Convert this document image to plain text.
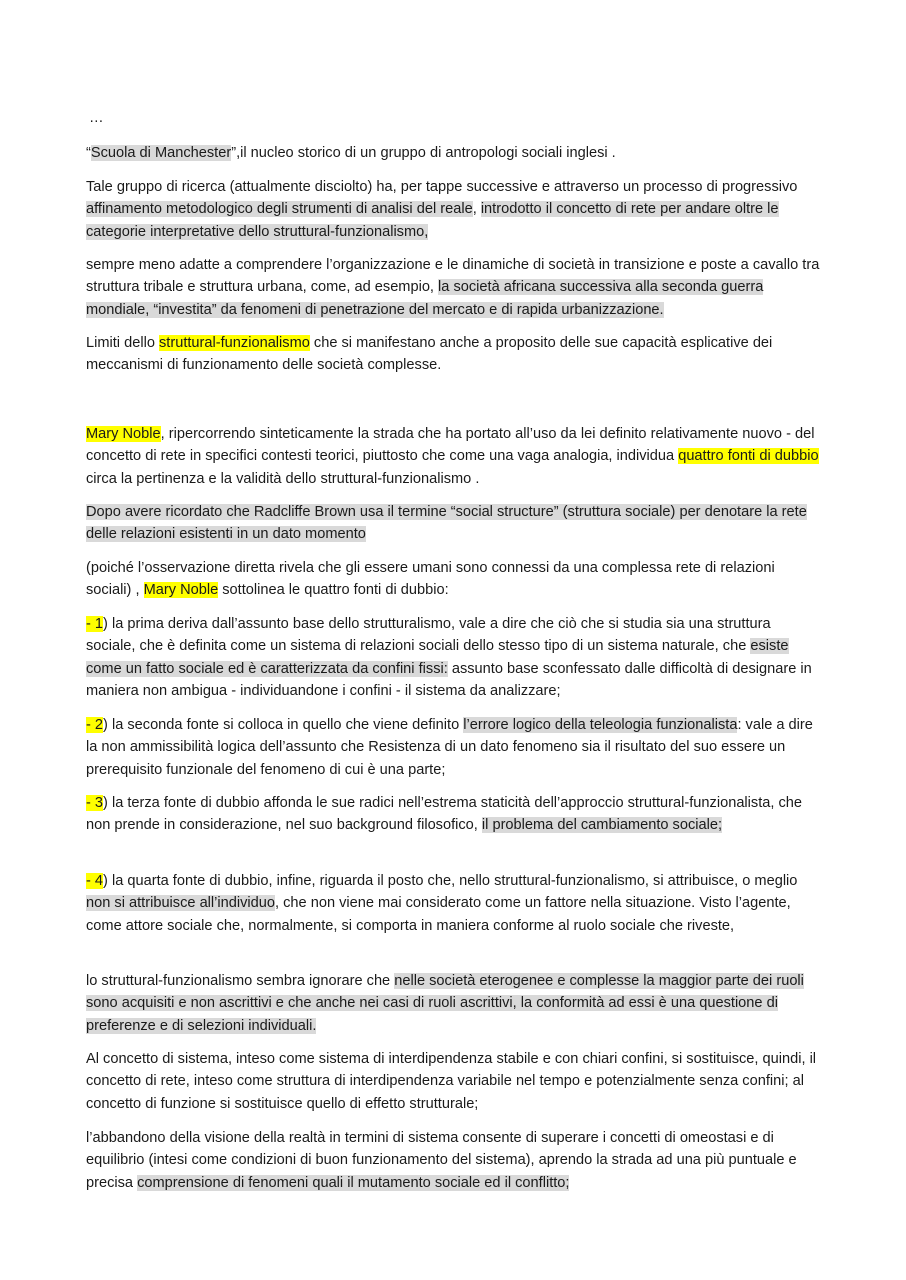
…

“Scuola di Manchester”,il nucleo storico di un gruppo di antropologi sociali inglesi .

Tale gruppo di ricerca (attualmente disciolto) ha, per tappe successive e attraverso un processo di progressivo affinamento metodologico degli strumenti di analisi del reale, introdotto il concetto di rete per andare oltre le categorie interpretative dello struttural-funzionalismo,

sempre meno adatte a comprendere l’organizzazione e le dinamiche di società in transizione e poste a cavallo tra struttura tribale e struttura urbana, come, ad esempio, la società africana successiva alla seconda guerra mondiale, “investita” da fenomeni di penetrazione del mercato e di rapida urbanizzazione.

Limiti dello struttural-funzionalismo che si manifestano anche a proposito delle sue capacità esplicative dei meccanismi di funzionamento delle società complesse.

Mary Noble, ripercorrendo sinteticamente la strada che ha portato all’uso da lei definito relativamente nuovo - del concetto di rete in specifici contesti teorici, piuttosto che come una vaga analogia, individua quattro fonti di dubbio circa la pertinenza e la validità dello struttural-funzionalismo .

Dopo avere ricordato che Radcliffe Brown usa il termine “social structure” (struttura sociale) per denotare la rete delle relazioni esistenti in un dato momento

(poiché l’osservazione diretta rivela che gli essere umani sono connessi da una complessa rete di relazioni sociali) , Mary Noble sottolinea le quattro fonti di dubbio:

- 1) la prima deriva dall’assunto base dello strutturalismo, vale a dire che ciò che si studia sia una struttura sociale, che è definita come un sistema di relazioni sociali dello stesso tipo di un sistema naturale, che esiste come un fatto sociale ed è caratterizzata da confini fissi: assunto base sconfessato dalle difficoltà di designare in maniera non ambigua - individuandone i confini - il sistema da analizzare;

- 2) la seconda fonte si colloca in quello che viene definito l’errore logico della teleologia funzionalista: vale a dire la non ammissibilità logica dell’assunto che Resistenza di un dato fenomeno sia il risultato del suo essere un prerequisito funzionale del fenomeno di cui è una parte;

- 3) la terza fonte di dubbio affonda le sue radici nell’estrema staticità dell’approccio struttural-funzionalista, che non prende in considerazione, nel suo background filosofico, il problema del cambiamento sociale;

- 4) la quarta fonte di dubbio, infine, riguarda il posto che, nello struttural-funzionalismo, si attribuisce, o meglio non si attribuisce all’individuo, che non viene mai considerato come un fattore nella situazione. Visto l’agente, come attore sociale che, normalmente, si comporta in maniera conforme al ruolo sociale che riveste,

lo struttural-funzionalismo sembra ignorare che nelle società eterogenee e complesse la maggior parte dei ruoli sono acquisiti e non ascrittivi e che anche nei casi di ruoli ascrittivi, la conformità ad essi è una questione di preferenze e di selezioni individuali.

Al concetto di sistema, inteso come sistema di interdipendenza stabile e con chiari confini, si sostituisce, quindi, il concetto di rete, inteso come struttura di interdipendenza variabile nel tempo e potenzialmente senza confini; al concetto di funzione si sostituisce quello di effetto strutturale;

l’abbandono della visione della realtà in termini di sistema consente di superare i concetti di omeostasi e di equilibrio (intesi come condizioni di buon funzionamento del sistema), aprendo la strada ad una più puntuale e precisa comprensione di fenomeni quali il mutamento sociale ed il conflitto;
